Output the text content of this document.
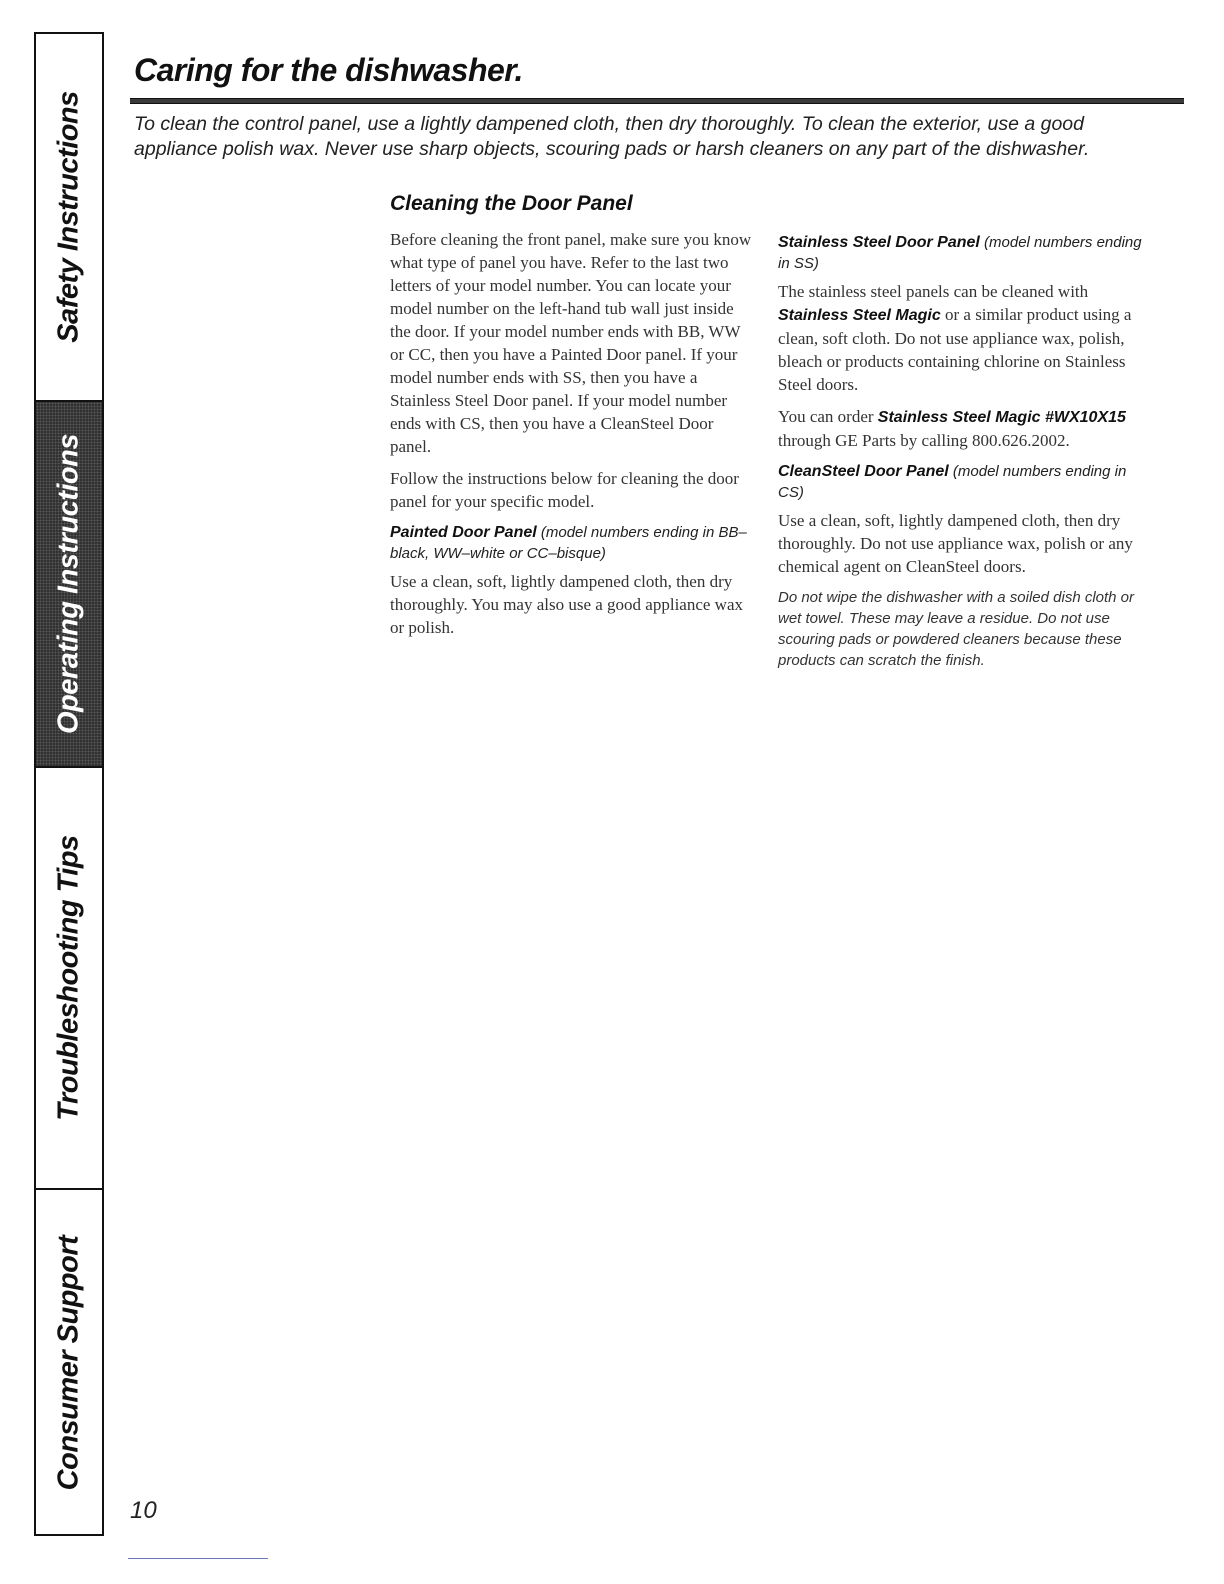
Safety Instructions
Operating Instructions
Troubleshooting Tips
Consumer Support
Caring for the dishwasher.

To clean the control panel, use a lightly dampened cloth, then dry thoroughly. To clean the exterior, use a good appliance polish wax. Never use sharp objects, scouring pads or harsh cleaners on any part of the dishwasher.

Cleaning the Door Panel

Before cleaning the front panel, make sure you know what type of panel you have. Refer to the last two letters of your model number. You can locate your model number on the left-hand tub wall just inside the door. If your model number ends with BB, WW or CC, then you have a Painted Door panel. If your model number ends with SS, then you have a Stainless Steel Door panel. If your model number ends with CS, then you have a CleanSteel Door panel.

Follow the instructions below for cleaning the door panel for your specific model.

Painted Door Panel (model numbers ending in BB–black, WW–white or CC–bisque)

Use a clean, soft, lightly dampened cloth, then dry thoroughly. You may also use a good appliance wax or polish.

Stainless Steel Door Panel (model numbers ending in SS)

The stainless steel panels can be cleaned with Stainless Steel Magic or a similar product using a clean, soft cloth. Do not use appliance wax, polish, bleach or products containing chlorine on Stainless Steel doors.

You can order Stainless Steel Magic #WX10X15 through GE Parts by calling 800.626.2002.

CleanSteel Door Panel (model numbers ending in CS)

Use a clean, soft, lightly dampened cloth, then dry thoroughly. Do not use appliance wax, polish or any chemical agent on CleanSteel doors.

Do not wipe the dishwasher with a soiled dish cloth or wet towel. These may leave a residue. Do not use scouring pads or powdered cleaners because these products can scratch the finish.

10
